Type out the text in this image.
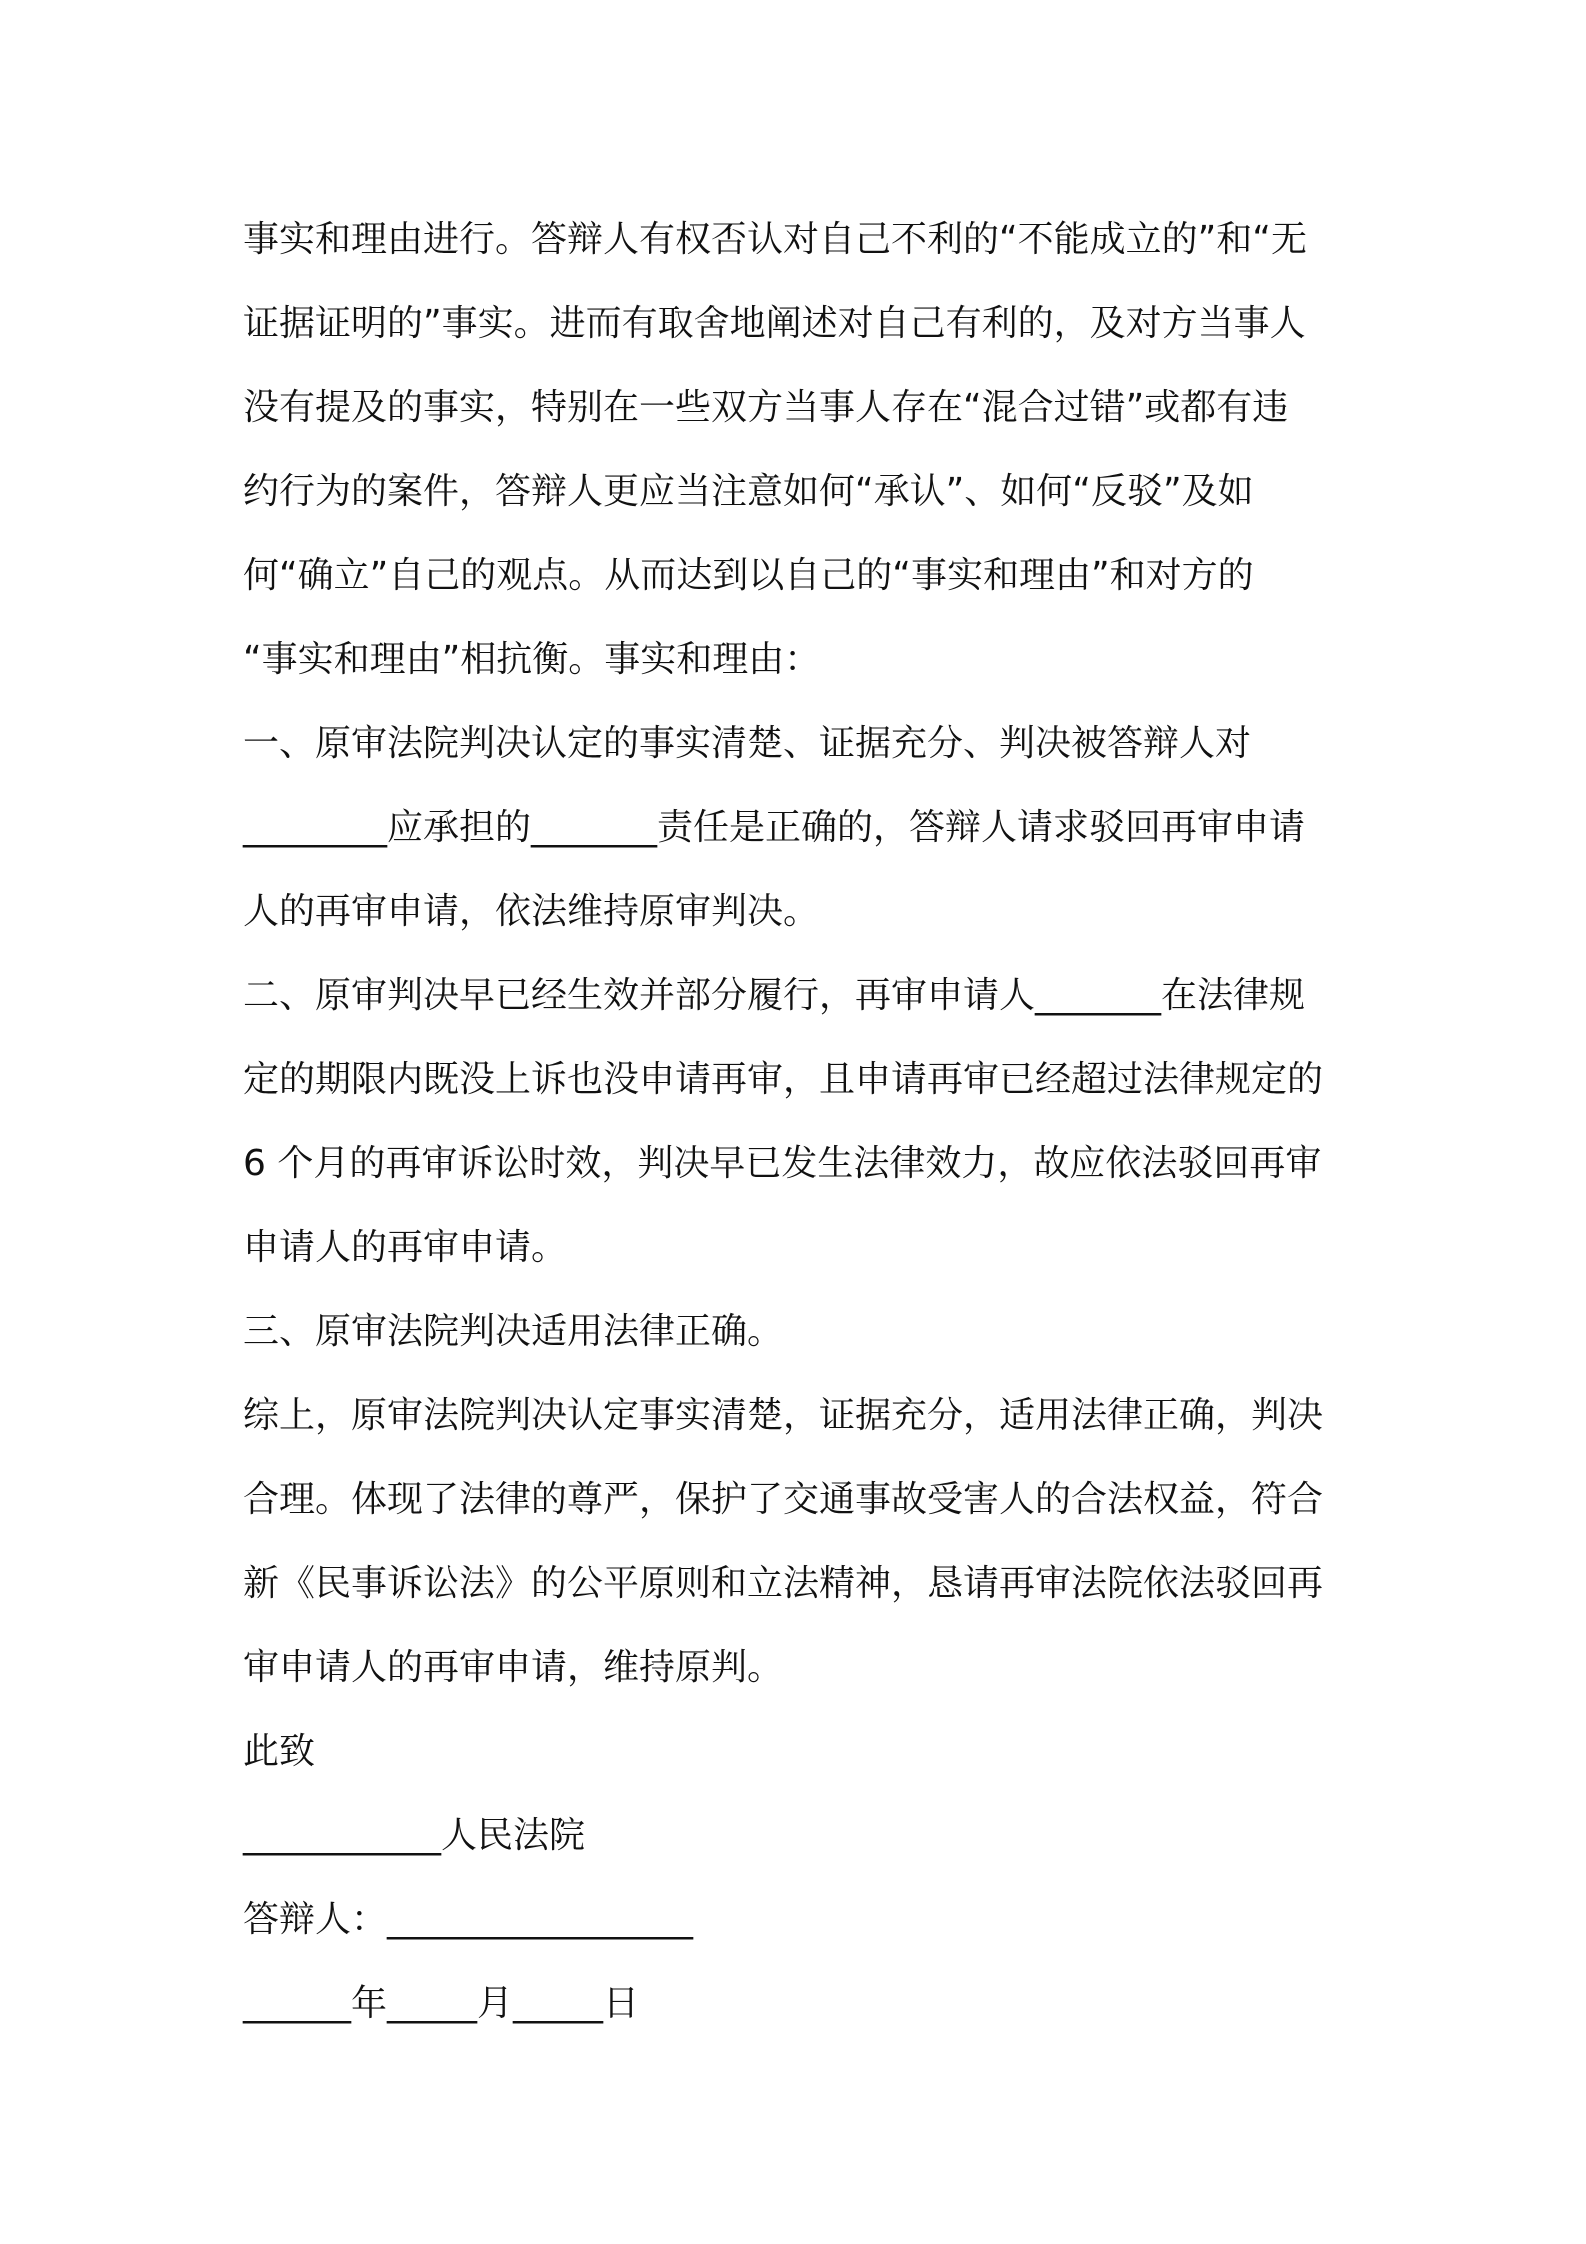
事实和理由进行。答辩人有权否认对自己不利的“不能成立的”和“无
证据证明的”事实。进而有取舍地阐述对自己有利的，及对方当事人
没有提及的事实，特别在一些双方当事人存在“混合过错”或都有违
约行为的案件，答辩人更应当注意如何“承认”、如何“反驳”及如
何“确立”自己的观点。从而达到以自己的“事实和理由”和对方的
“事实和理由”相抗衡。事实和理由：
一、原审法院判决认定的事实清楚、证据充分、判决被答辩人对
________应承担的_______责任是正确的，答辩人请求驳回再审申请
人的再审申请，依法维持原审判决。
二、原审判决早已经生效并部分履行，再审申请人_______在法律规
定的期限内既没上诉也没申请再审，且申请再审已经超过法律规定的
6 个月的再审诉讼时效，判决早已发生法律效力，故应依法驳回再审
申请人的再审申请。
三、原审法院判决适用法律正确。
综上，原审法院判决认定事实清楚，证据充分，适用法律正确，判决
合理。体现了法律的尊严，保护了交通事故受害人的合法权益，符合
新《民事诉讼法》的公平原则和立法精神，恳请再审法院依法驳回再
审申请人的再审申请，维持原判。
此致
___________人民法院
答辩人：_________________
______年_____月_____日
